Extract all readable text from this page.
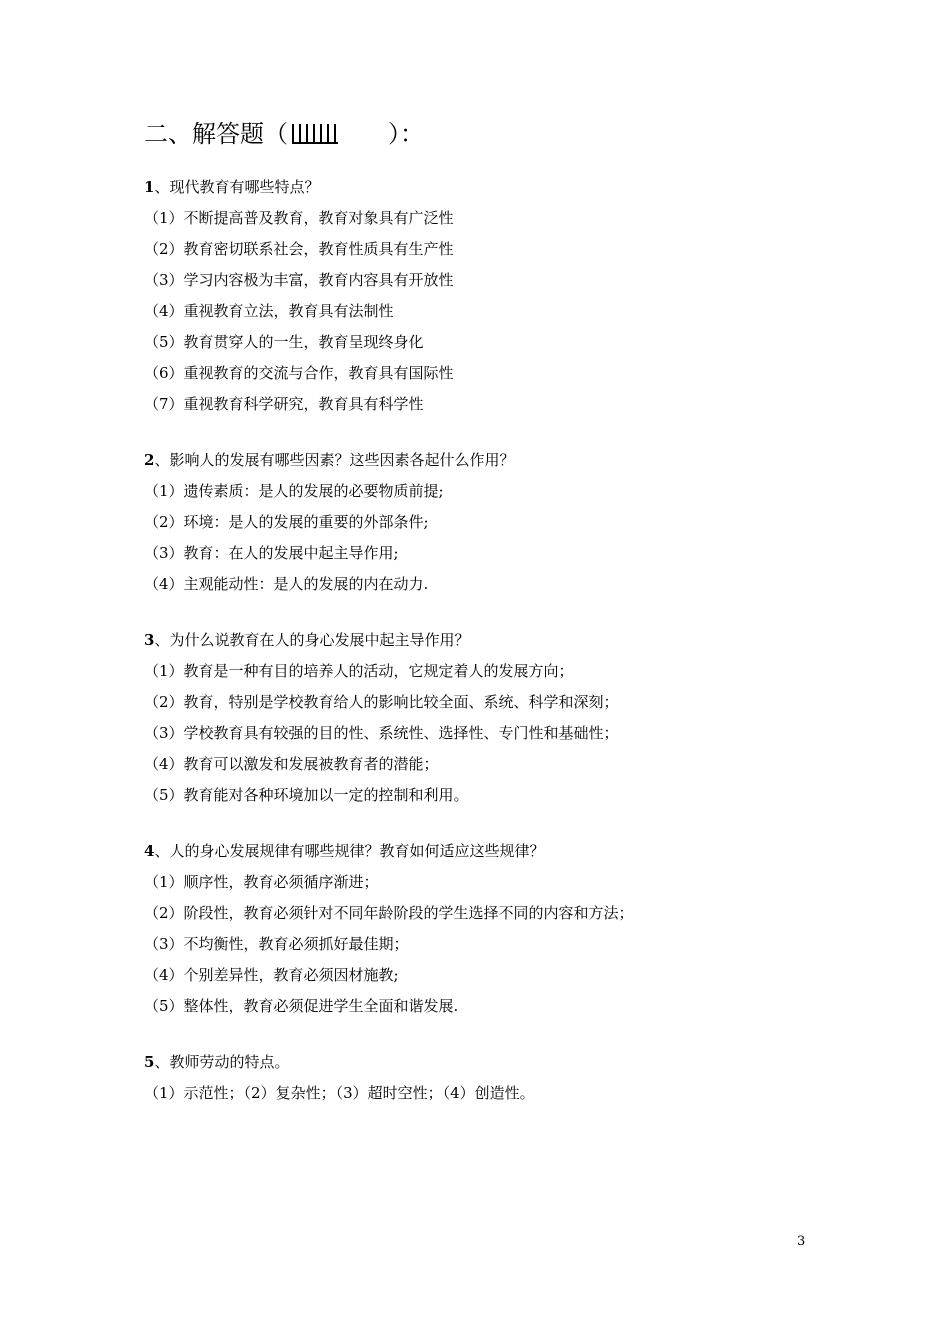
二、解答题（	）：
1、现代教育有哪些特点？
（1）不断提高普及教育，教育对象具有广泛性
（2）教育密切联系社会，教育性质具有生产性
（3）学习内容极为丰富，教育内容具有开放性
（4）重视教育立法，教育具有法制性
（5）教育贯穿人的一生，教育呈现终身化
（6）重视教育的交流与合作，教育具有国际性
（7）重视教育科学研究，教育具有科学性
2、影响人的发展有哪些因素？这些因素各起什么作用？
（1）遗传素质：是人的发展的必要物质前提;
（2）环境：是人的发展的重要的外部条件;
（3）教育：在人的发展中起主导作用;
（4）主观能动性：是人的发展的内在动力.
3、为什么说教育在人的身心发展中起主导作用？
（1）教育是一种有目的培养人的活动，它规定着人的发展方向；
（2）教育，特别是学校教育给人的影响比较全面、系统、科学和深刻；
（3）学校教育具有较强的目的性、系统性、选择性、专门性和基础性；
（4）教育可以激发和发展被教育者的潜能；
（5）教育能对各种环境加以一定的控制和利用。
4、人的身心发展规律有哪些规律？教育如何适应这些规律？
（1）顺序性，教育必须循序渐进；
（2）阶段性，教育必须针对不同年龄阶段的学生选择不同的内容和方法；
（3）不均衡性，教育必须抓好最佳期；
（4）个别差异性，教育必须因材施教;
（5）整体性，教育必须促进学生全面和谐发展.
5、教师劳动的特点。
（1）示范性；（2）复杂性；（3）超时空性；（4）创造性。
3
